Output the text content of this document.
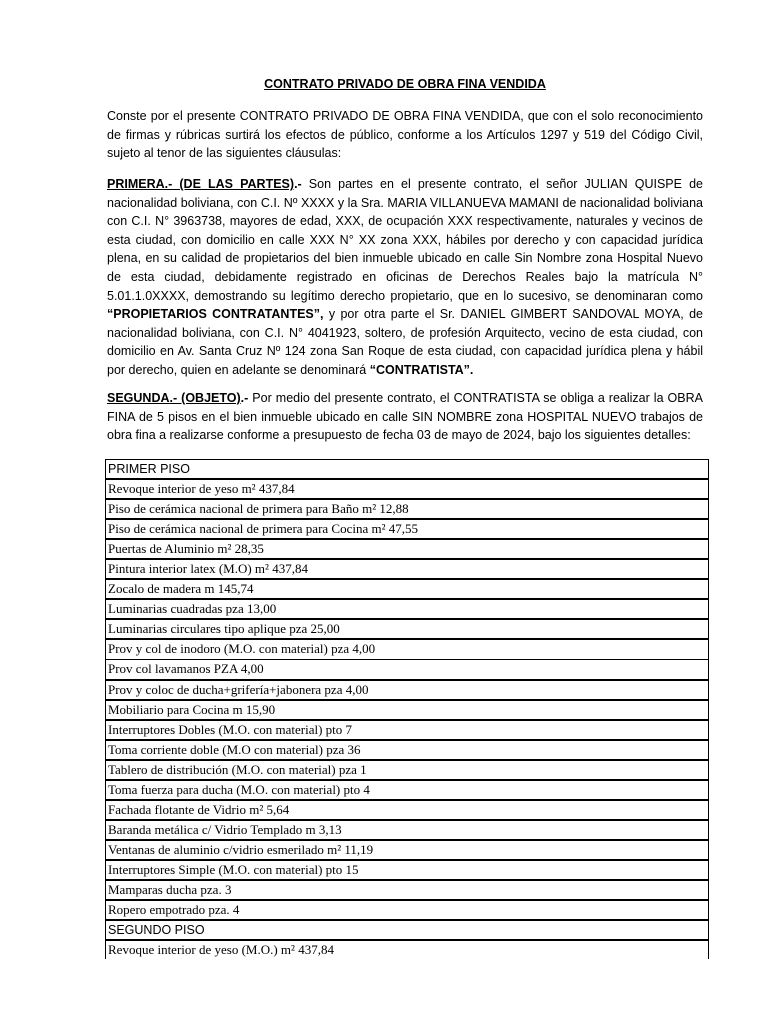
CONTRATO PRIVADO DE OBRA FINA VENDIDA

Conste por el presente CONTRATO PRIVADO DE OBRA FINA VENDIDA, que con el solo reconocimiento de firmas y rúbricas surtirá los efectos de público, conforme a los Artículos 1297 y 519 del Código Civil, sujeto al tenor de las siguientes cláusulas:

PRIMERA.- (DE LAS PARTES).- Son partes en el presente contrato, el señor JULIAN QUISPE de nacionalidad boliviana, con C.I. Nº XXXX y la Sra. MARIA VILLANUEVA MAMANI de nacionalidad boliviana con C.I. N° 3963738, mayores de edad, XXX, de ocupación XXX respectivamente, naturales y vecinos de esta ciudad, con domicilio en calle XXX N° XX zona XXX, hábiles por derecho y con capacidad jurídica plena, en su calidad de propietarios del bien inmueble ubicado en calle Sin Nombre zona Hospital Nuevo de esta ciudad, debidamente registrado en oficinas de Derechos Reales bajo la matrícula N° 5.01.1.0XXXX, demostrando su legítimo derecho propietario, que en lo sucesivo, se denominaran como “PROPIETARIOS CONTRATANTES”, y por otra parte el Sr. DANIEL GIMBERT SANDOVAL MOYA, de nacionalidad boliviana, con C.I. N° 4041923, soltero, de profesión Arquitecto, vecino de esta ciudad, con domicilio en Av. Santa Cruz Nº 124 zona San Roque de esta ciudad, con capacidad jurídica plena y hábil por derecho, quien en adelante se denominará “CONTRATISTA”.

SEGUNDA.- (OBJETO).- Por medio del presente contrato, el CONTRATISTA se obliga a realizar la OBRA FINA de 5 pisos en el bien inmueble ubicado en calle SIN NOMBRE zona HOSPITAL NUEVO trabajos de obra fina a realizarse conforme a presupuesto de fecha 03 de mayo de 2024, bajo los siguientes detalles:

PRIMER PISO
Revoque interior de yeso m² 437,84
Piso de cerámica nacional de primera para Baño m² 12,88
Piso de cerámica nacional de primera para Cocina m² 47,55
Puertas de Aluminio m² 28,35
Pintura interior latex (M.O) m² 437,84
Zocalo de madera m 145,74
Luminarias cuadradas pza 13,00
Luminarias circulares tipo aplique pza 25,00
Prov y col de inodoro (M.O. con material) pza 4,00
Prov col lavamanos PZA 4,00
Prov y coloc de ducha+grifería+jabonera pza 4,00
Mobiliario para Cocina m 15,90
Interruptores Dobles (M.O. con material) pto 7
Toma corriente doble (M.O con material) pza 36
Tablero de distribución (M.O. con material) pza 1
Toma fuerza para ducha (M.O. con material) pto 4
Fachada flotante de Vidrio m² 5,64
Baranda metálica c/ Vidrio Templado m 3,13
Ventanas de aluminio c/vidrio esmerilado m² 11,19
Interruptores Simple (M.O. con material) pto 15
Mamparas ducha pza. 3
Ropero empotrado pza. 4
SEGUNDO PISO
Revoque interior de yeso (M.O.) m² 437,84
